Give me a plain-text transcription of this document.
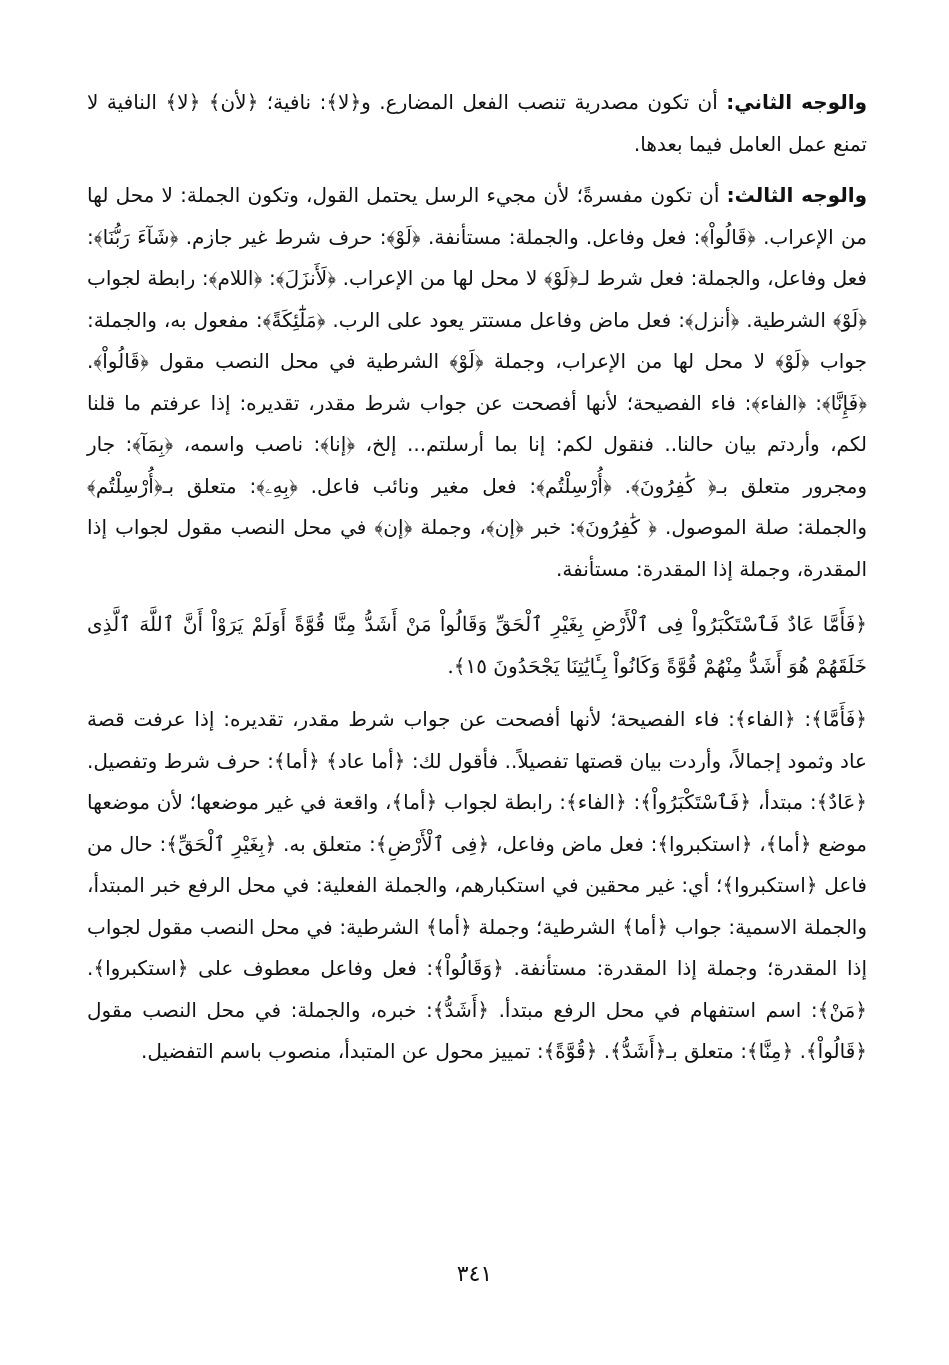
والوجه الثاني: أن تكون مصدرية تنصب الفعل المضارع. و﴿لا﴾: نافية؛ ﴿لأن﴾ ﴿لا﴾ النافية لا تمنع عمل العامل فيما بعدها.

والوجه الثالث: أن تكون مفسرةً؛ لأن مجيء الرسل يحتمل القول، وتكون الجملة: لا محل لها من الإعراب. ﴿قَالُواْ﴾: فعل وفاعل. والجملة: مستأنفة. ﴿لَوْ﴾: حرف شرط غير جازم. ﴿شَآءَ رَبُّنَا﴾: فعل وفاعل، والجملة: فعل شرط لـ﴿لَوْ﴾ لا محل لها من الإعراب. ﴿لَأَنزَلَ﴾: ﴿اللام﴾: رابطة لجواب ﴿لَوْ﴾ الشرطية. ﴿أنزل﴾: فعل ماض وفاعل مستتر يعود على الرب. ﴿مَلَٰٓئِكَةً﴾: مفعول به، والجملة: جواب ﴿لَوْ﴾ لا محل لها من الإعراب، وجملة ﴿لَوْ﴾ الشرطية في محل النصب مقول ﴿قَالُواْ﴾. ﴿فَإِنَّا﴾: ﴿الفاء﴾: فاء الفصيحة؛ لأنها أفصحت عن جواب شرط مقدر، تقديره: إذا عرفتم ما قلنا لكم، وأردتم بيان حالنا.. فنقول لكم: إنا بما أرسلتم... إلخ، ﴿إنا﴾: ناصب واسمه، ﴿بِمَآ﴾: جار ومجرور متعلق بـ﴿ كَٰفِرُونَ﴾. ﴿أُرْسِلْتُم﴾: فعل مغير ونائب فاعل. ﴿بِهِۦ﴾: متعلق بـ﴿أُرْسِلْتُم﴾ والجملة: صلة الموصول. ﴿ كَٰفِرُونَ﴾: خبر ﴿إن﴾، وجملة ﴿إن﴾ في محل النصب مقول لجواب إذا المقدرة، وجملة إذا المقدرة: مستأنفة.

﴿فَأَمَّا عَادٌ فَٱسْتَكْبَرُواْ فِى ٱلْأَرْضِ بِغَيْرِ ٱلْحَقِّ وَقَالُواْ مَنْ أَشَدُّ مِنَّا قُوَّةً أَوَلَمْ يَرَوْاْ أَنَّ ٱللَّهَ ٱلَّذِى خَلَقَهُمْ هُوَ أَشَدُّ مِنْهُمْ قُوَّةً وَكَانُواْ بِـَٔايَٰتِنَا يَجْحَدُونَ ١٥﴾.

﴿فَأَمَّا﴾: ﴿الفاء﴾: فاء الفصيحة؛ لأنها أفصحت عن جواب شرط مقدر، تقديره: إذا عرفت قصة عاد وثمود إجمالاً، وأردت بيان قصتها تفصيلاً.. فأقول لك: ﴿أما عاد﴾ ﴿أما﴾: حرف شرط وتفصيل. ﴿عَادٌ﴾: مبتدأ، ﴿فَٱسْتَكْبَرُواْ﴾: ﴿الفاء﴾: رابطة لجواب ﴿أما﴾، واقعة في غير موضعها؛ لأن موضعها موضع ﴿أما﴾، ﴿استكبروا﴾: فعل ماض وفاعل، ﴿فِى ٱلْأَرْضِ﴾: متعلق به. ﴿بِغَيْرِ ٱلْحَقِّ﴾: حال من فاعل ﴿استكبروا﴾؛ أي: غير محقين في استكبارهم، والجملة الفعلية: في محل الرفع خبر المبتدأ، والجملة الاسمية: جواب ﴿أما﴾ الشرطية؛ وجملة ﴿أما﴾ الشرطية: في محل النصب مقول لجواب إذا المقدرة؛ وجملة إذا المقدرة: مستأنفة. ﴿وَقَالُواْ﴾: فعل وفاعل معطوف على ﴿استكبروا﴾. ﴿مَنْ﴾: اسم استفهام في محل الرفع مبتدأ. ﴿أَشَدُّ﴾: خبره، والجملة: في محل النصب مقول ﴿قَالُواْ﴾. ﴿مِنَّا﴾: متعلق بـ﴿أَشَدُّ﴾. ﴿قُوَّةً﴾: تمييز محول عن المتبدأ، منصوب باسم التفضيل.

٣٤١
